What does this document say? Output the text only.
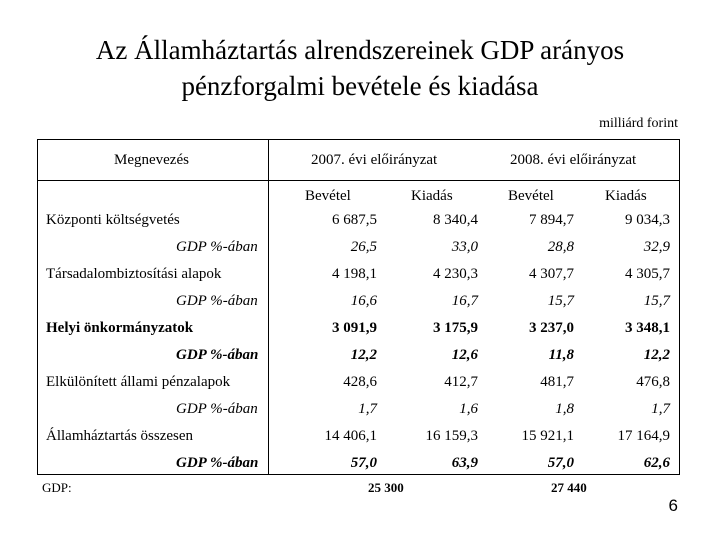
Az Államháztartás alrendszereinek GDP arányos
pénzforgalmi bevétele és kiadása
milliárd forint
Megnevezés	2007. évi előirányzat	2008. évi előirányzat
Bevétel	Kiadás	Bevétel	Kiadás
Központi költségvetés	6 687,5	8 340,4	7 894,7	9 034,3
GDP %-ában	26,5	33,0	28,8	32,9
Társadalombiztosítási alapok	4 198,1	4 230,3	4 307,7	4 305,7
GDP %-ában	16,6	16,7	15,7	15,7
Helyi önkormányzatok	3 091,9	3 175,9	3 237,0	3 348,1
GDP %-ában	12,2	12,6	11,8	12,2
Elkülönített állami pénzalapok	428,6	412,7	481,7	476,8
GDP %-ában	1,7	1,6	1,8	1,7
Államháztartás összesen	14 406,1	16 159,3	15 921,1	17 164,9
GDP %-ában	57,0	63,9	57,0	62,6
GDP:	25 300	27 440
6
